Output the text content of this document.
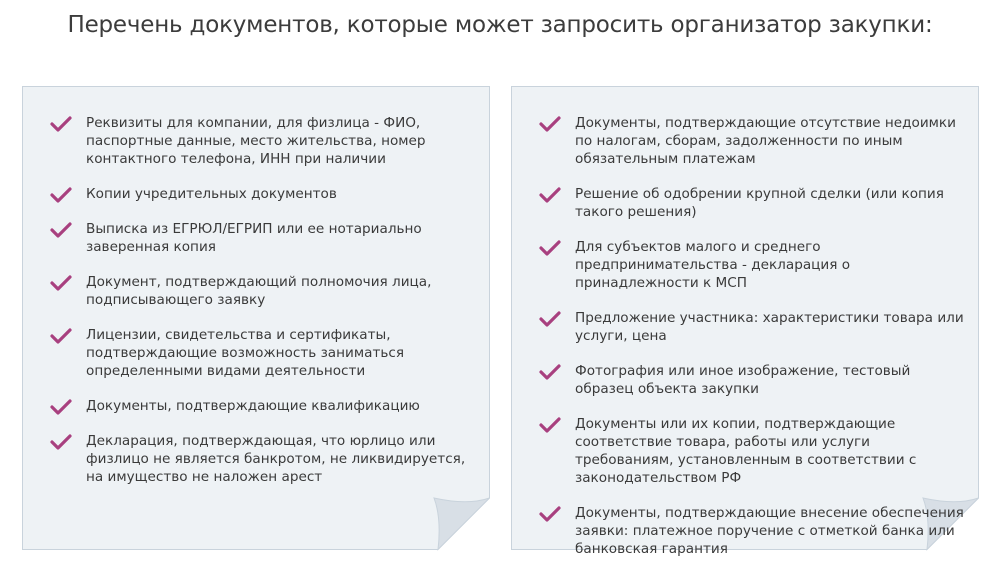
Перечень документов, которые может запросить организатор закупки:
Реквизиты для компании, для физлица - ФИО, паспортные данные, место жительства, номер контактного телефона, ИНН при наличии
Копии учредительных документов
Выписка из ЕГРЮЛ/ЕГРИП или ее нотариально заверенная копия
Документ, подтверждающий полномочия лица, подписывающего заявку
Лицензии, свидетельства и сертификаты, подтверждающие возможность заниматься определенными видами деятельности
Документы, подтверждающие квалификацию
Декларация, подтверждающая, что юрлицо или физлицо не является банкротом, не ликвидируется, на имущество не наложен арест
Документы, подтверждающие отсутствие недоимки по налогам, сборам, задолженности по иным обязательным платежам
Решение об одобрении крупной сделки (или копия такого решения)
Для субъектов малого и среднего предпринимательства - декларация о принадлежности к МСП
Предложение участника: характеристики товара или услуги, цена
Фотография или иное изображение, тестовый образец объекта закупки
Документы или их копии, подтверждающие соответствие товара, работы или услуги требованиям, установленным в соответствии с законодательством РФ
Документы, подтверждающие внесение обеспечения заявки: платежное поручение с отметкой банка или банковская гарантия
